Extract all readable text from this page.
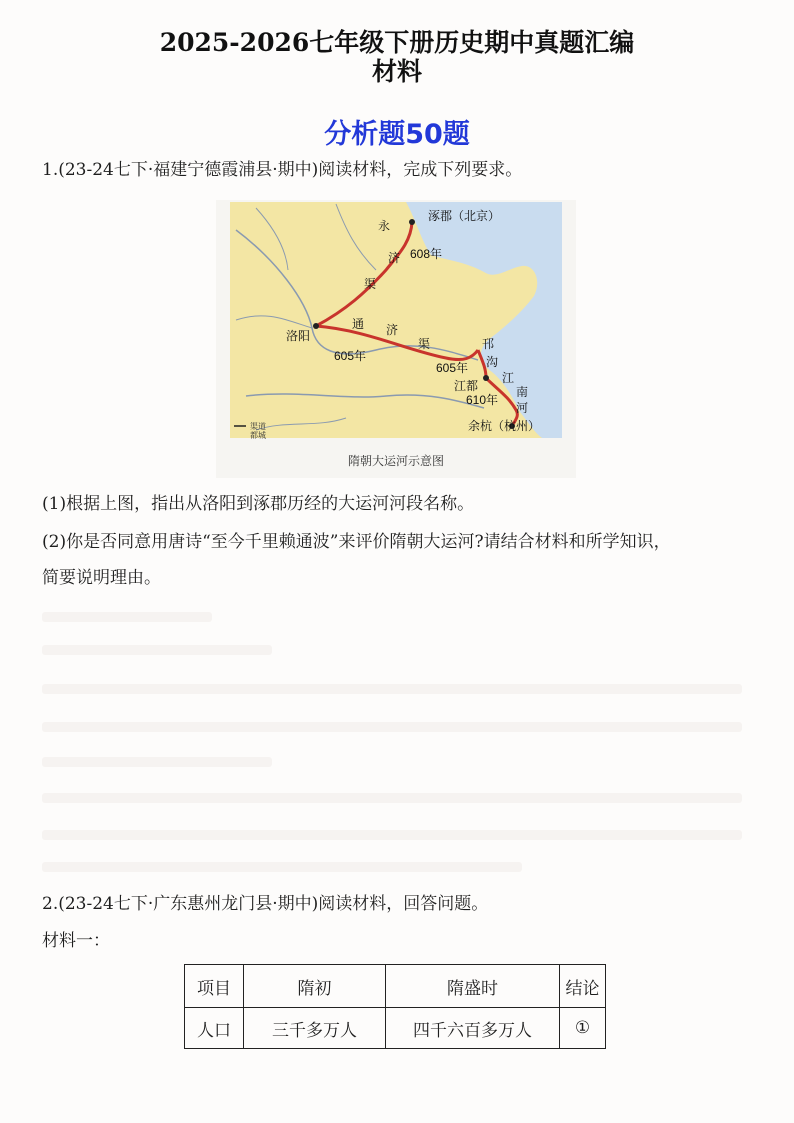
2025-2026七年级下册历史期中真题汇编
材料
分析题50题
1.(23-24七下·福建宁德霞浦县·期中)阅读材料，完成下列要求。
涿郡（北京）
永
济
渠
608年
洛阳
通 济
渠
605年
605年
邗
沟
江都
江
南
河
610年
余杭（杭州）
渠道
都城
隋朝大运河示意图
(1)根据上图，指出从洛阳到涿郡历经的大运河河段名称。
(2)你是否同意用唐诗“至今千里赖通波”来评价隋朝大运河?请结合材料和所学知识，
简要说明理由。
2.(23-24七下·广东惠州龙门县·期中)阅读材料，回答问题。
材料一：
项目	隋初	隋盛时	结论
人口	三千多万人	四千六百多万人	①
